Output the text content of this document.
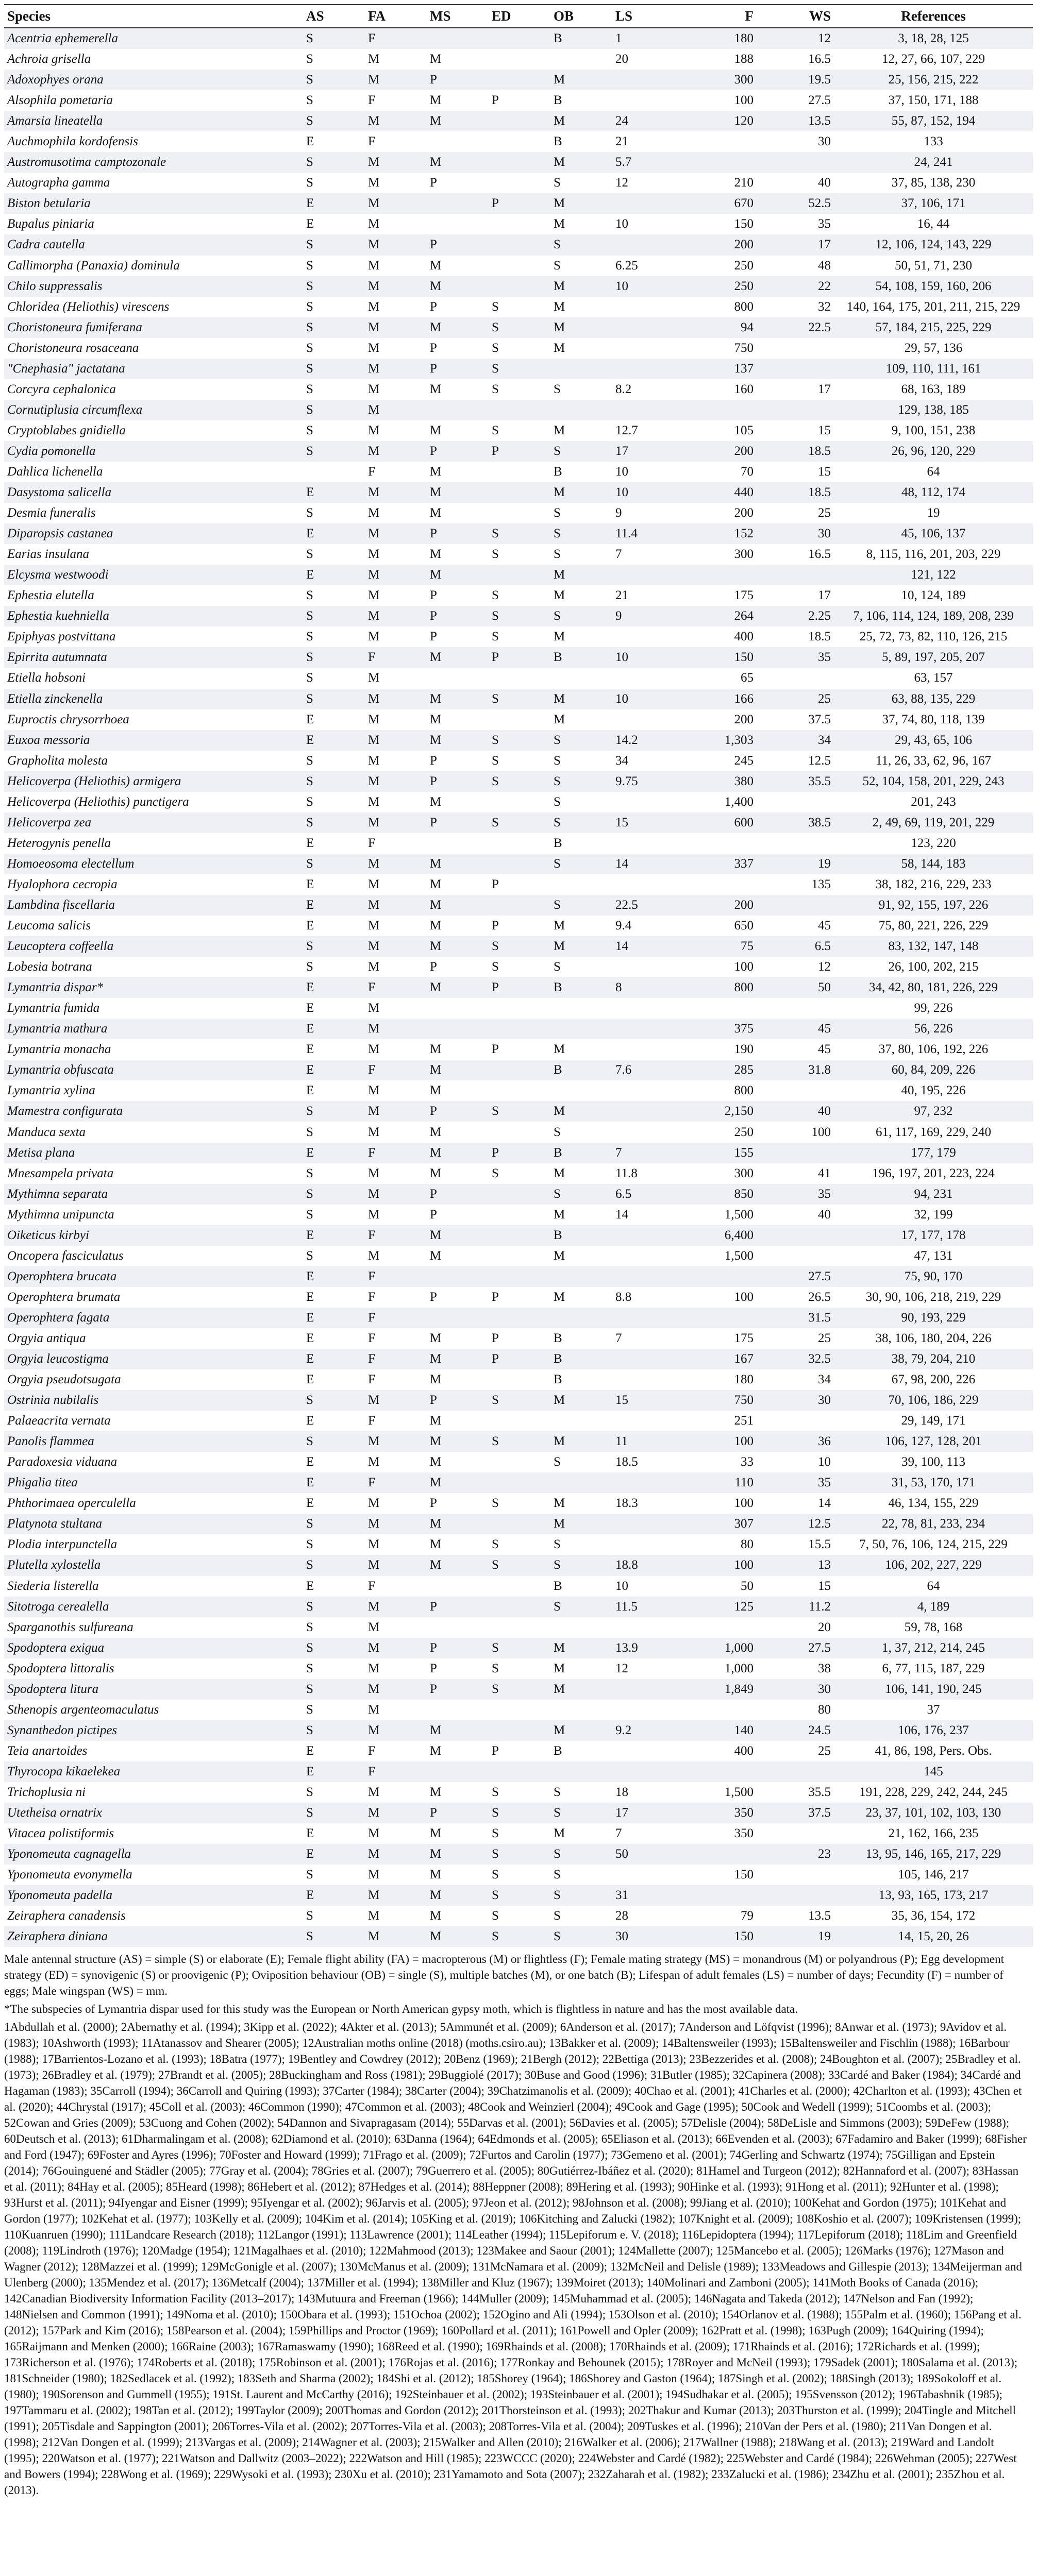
Species	AS	FA	MS	ED	OB	LS	F	WS	References
Acentria ephemerella	S	F			B	1	180	12	3, 18, 28, 125
Achroia grisella	S	M	M			20	188	16.5	12, 27, 66, 107, 229
Adoxophyes orana	S	M	P		M		300	19.5	25, 156, 215, 222
Alsophila pometaria	S	F	M	P	B		100	27.5	37, 150, 171, 188
Amarsia lineatella	S	M	M		M	24	120	13.5	55, 87, 152, 194
Auchmophila kordofensis	E	F			B	21		30	133
Austromusotima camptozonale	S	M	M		M	5.7			24, 241
Autographa gamma	S	M	P		S	12	210	40	37, 85, 138, 230
Biston betularia	E	M		P	M		670	52.5	37, 106, 171
Bupalus piniaria	E	M			M	10	150	35	16, 44
Cadra cautella	S	M	P		S		200	17	12, 106, 124, 143, 229
Callimorpha (Panaxia) dominula	S	M	M		S	6.25	250	48	50, 51, 71, 230
Chilo suppressalis	S	M	M		M	10	250	22	54, 108, 159, 160, 206
Chloridea (Heliothis) virescens	S	M	P	S	M		800	32	140, 164, 175, 201, 211, 215, 229
Choristoneura fumiferana	S	M	M	S	M		94	22.5	57, 184, 215, 225, 229
Choristoneura rosaceana	S	M	P	S	M		750		29, 57, 136
"Cnephasia" jactatana	S	M	P	S			137		109, 110, 111, 161
Corcyra cephalonica	S	M	M	S	S	8.2	160	17	68, 163, 189
Cornutiplusia circumflexa	S	M							129, 138, 185
Cryptoblabes gnidiella	S	M	M	S	M	12.7	105	15	9, 100, 151, 238
Cydia pomonella	S	M	P	P	S	17	200	18.5	26, 96, 120, 229
Dahlica lichenella		F	M		B	10	70	15	64
Dasystoma salicella	E	M	M		M	10	440	18.5	48, 112, 174
Desmia funeralis	S	M	M		S	9	200	25	19
Diparopsis castanea	E	M	P	S	S	11.4	152	30	45, 106, 137
Earias insulana	S	M	M	S	S	7	300	16.5	8, 115, 116, 201, 203, 229
Elcysma westwoodi	E	M	M		M				121, 122
Ephestia elutella	S	M	P	S	M	21	175	17	10, 124, 189
Ephestia kuehniella	S	M	P	S	S	9	264	2.25	7, 106, 114, 124, 189, 208, 239
Epiphyas postvittana	S	M	P	S	M		400	18.5	25, 72, 73, 82, 110, 126, 215
Epirrita autumnata	S	F	M	P	B	10	150	35	5, 89, 197, 205, 207
Etiella hobsoni	S	M					65		63, 157
Etiella zinckenella	S	M	M	S	M	10	166	25	63, 88, 135, 229
Euproctis chrysorrhoea	E	M	M		M		200	37.5	37, 74, 80, 118, 139
Euxoa messoria	E	M	M	S	S	14.2	1,303	34	29, 43, 65, 106
Grapholita molesta	S	M	P	S	S	34	245	12.5	11, 26, 33, 62, 96, 167
Helicoverpa (Heliothis) armigera	S	M	P	S	S	9.75	380	35.5	52, 104, 158, 201, 229, 243
Helicoverpa (Heliothis) punctigera	S	M	M		S		1,400		201, 243
Helicoverpa zea	S	M	P	S	S	15	600	38.5	2, 49, 69, 119, 201, 229
Heterogynis penella	E	F			B				123, 220
Homoeosoma electellum	S	M	M		S	14	337	19	58, 144, 183
Hyalophora cecropia	E	M	M	P				135	38, 182, 216, 229, 233
Lambdina fiscellaria	E	M	M		S	22.5	200		91, 92, 155, 197, 226
Leucoma salicis	E	M	M	P	M	9.4	650	45	75, 80, 221, 226, 229
Leucoptera coffeella	S	M	M	S	M	14	75	6.5	83, 132, 147, 148
Lobesia botrana	S	M	P	S	S		100	12	26, 100, 202, 215
Lymantria dispar*	E	F	M	P	B	8	800	50	34, 42, 80, 181, 226, 229
Lymantria fumida	E	M							99, 226
Lymantria mathura	E	M					375	45	56, 226
Lymantria monacha	E	M	M	P	M		190	45	37, 80, 106, 192, 226
Lymantria obfuscata	E	F	M		B	7.6	285	31.8	60, 84, 209, 226
Lymantria xylina	E	M	M				800		40, 195, 226
Mamestra configurata	S	M	P	S	M		2,150	40	97, 232
Manduca sexta	S	M	M		S		250	100	61, 117, 169, 229, 240
Metisa plana	E	F	M	P	B	7	155		177, 179
Mnesampela privata	S	M	M	S	M	11.8	300	41	196, 197, 201, 223, 224
Mythimna separata	S	M	P		S	6.5	850	35	94, 231
Mythimna unipuncta	S	M	P		M	14	1,500	40	32, 199
Oiketicus kirbyi	E	F	M		B		6,400		17, 177, 178
Oncopera fasciculatus	S	M	M		M		1,500		47, 131
Operophtera brucata	E	F						27.5	75, 90, 170
Operophtera brumata	E	F	P	P	M	8.8	100	26.5	30, 90, 106, 218, 219, 229
Operophtera fagata	E	F						31.5	90, 193, 229
Orgyia antiqua	E	F	M	P	B	7	175	25	38, 106, 180, 204, 226
Orgyia leucostigma	E	F	M	P	B		167	32.5	38, 79, 204, 210
Orgyia pseudotsugata	E	F	M		B		180	34	67, 98, 200, 226
Ostrinia nubilalis	S	M	P	S	M	15	750	30	70, 106, 186, 229
Palaeacrita vernata	E	F	M				251		29, 149, 171
Panolis flammea	S	M	M	S	M	11	100	36	106, 127, 128, 201
Paradoxesia viduana	E	M	M		S	18.5	33	10	39, 100, 113
Phigalia titea	E	F	M				110	35	31, 53, 170, 171
Phthorimaea operculella	E	M	P	S	M	18.3	100	14	46, 134, 155, 229
Platynota stultana	S	M	M		M		307	12.5	22, 78, 81, 233, 234
Plodia interpunctella	S	M	M	S	S		80	15.5	7, 50, 76, 106, 124, 215, 229
Plutella xylostella	S	M	M	S	S	18.8	100	13	106, 202, 227, 229
Siederia listerella	E	F			B	10	50	15	64
Sitotroga cerealella	S	M	P		S	11.5	125	11.2	4, 189
Sparganothis sulfureana	S	M						20	59, 78, 168
Spodoptera exigua	S	M	P	S	M	13.9	1,000	27.5	1, 37, 212, 214, 245
Spodoptera littoralis	S	M	P	S	M	12	1,000	38	6, 77, 115, 187, 229
Spodoptera litura	S	M	P	S	M		1,849	30	106, 141, 190, 245
Sthenopis argenteomaculatus	S	M						80	37
Synanthedon pictipes	S	M	M		M	9.2	140	24.5	106, 176, 237
Teia anartoides	E	F	M	P	B		400	25	41, 86, 198, Pers. Obs.
Thyrocopa kikaelekea	E	F							145
Trichoplusia ni	S	M	M	S	S	18	1,500	35.5	191, 228, 229, 242, 244, 245
Utetheisa ornatrix	S	M	P	S	S	17	350	37.5	23, 37, 101, 102, 103, 130
Vitacea polistiformis	E	M	M	S	M	7	350		21, 162, 166, 235
Yponomeuta cagnagella	E	M	M	S	S	50		23	13, 95, 146, 165, 217, 229
Yponomeuta evonymella	S	M	M	S	S		150		105, 146, 217
Yponomeuta padella	E	M	M	S	S	31			13, 93, 165, 173, 217
Zeiraphera canadensis	S	M	M	S	S	28	79	13.5	35, 36, 154, 172
Zeiraphera diniana	S	M	M	S	S	30	150	19	14, 15, 20, 26

Male antennal structure (AS) = simple (S) or elaborate (E); Female flight ability (FA) = macropterous (M) or flightless (F); Female mating strategy (MS) = monandrous (M) or polyandrous (P); Egg development strategy (ED) = synovigenic (S) or proovigenic (P); Oviposition behaviour (OB) = single (S), multiple batches (M), or one batch (B); Lifespan of adult females (LS) = number of days; Fecundity (F) = number of eggs; Male wingspan (WS) = mm.

*The subspecies of Lymantria dispar used for this study was the European or North American gypsy moth, which is flightless in nature and has the most available data.

1Abdullah et al. (2000); 2Abernathy et al. (1994); 3Kipp et al. (2022); 4Akter et al. (2013); 5Ammunét et al. (2009); 6Anderson et al. (2017); 7Anderson and Löfqvist (1996); 8Anwar et al. (1973); 9Avidov et al. (1983); 10Ashworth (1993); 11Atanassov and Shearer (2005); 12Australian moths online (2018) (moths.csiro.au); 13Bakker et al. (2009); 14Baltensweiler (1993); 15Baltensweiler and Fischlin (1988); 16Barbour (1988); 17Barrientos-Lozano et al. (1993); 18Batra (1977); 19Bentley and Cowdrey (2012); 20Benz (1969); 21Bergh (2012); 22Bettiga (2013); 23Bezzerides et al. (2008); 24Boughton et al. (2007); 25Bradley et al. (1973); 26Bradley et al. (1979); 27Brandt et al. (2005); 28Buckingham and Ross (1981); 29Buggiolé (2017); 30Buse and Good (1996); 31Butler (1985); 32Capinera (2008); 33Cardé and Baker (1984); 34Cardé and Hagaman (1983); 35Carroll (1994); 36Carroll and Quiring (1993); 37Carter (1984); 38Carter (2004); 39Chatzimanolis et al. (2009); 40Chao et al. (2001); 41Charles et al. (2000); 42Charlton et al. (1993); 43Chen et al. (2020); 44Chrystal (1917); 45Coll et al. (2003); 46Common (1990); 47Common et al. (2003); 48Cook and Weinzierl (2004); 49Cook and Gage (1995); 50Cook and Wedell (1999); 51Coombs et al. (2003); 52Cowan and Gries (2009); 53Cuong and Cohen (2002); 54Dannon and Sivapragasam (2014); 55Darvas et al. (2001); 56Davies et al. (2005); 57Delisle (2004); 58DeLisle and Simmons (2003); 59DeFew (1988); 60Deutsch et al. (2013); 61Dharmalingam et al. (2008); 62Diamond et al. (2010); 63Danna (1964); 64Edmonds et al. (2005); 65Eliason et al. (2013); 66Evenden et al. (2003); 67Fadamiro and Baker (1999); 68Fisher and Ford (1947); 69Foster and Ayres (1996); 70Foster and Howard (1999); 71Frago et al. (2009); 72Furtos and Carolin (1977); 73Gemeno et al. (2001); 74Gerling and Schwartz (1974); 75Gilligan and Epstein (2014); 76Gouinguené and Städler (2005); 77Gray et al. (2004); 78Gries et al. (2007); 79Guerrero et al. (2005); 80Gutiérrez-Ibáñez et al. (2020); 81Hamel and Turgeon (2012); 82Hannaford et al. (2007); 83Hassan et al. (2011); 84Hay et al. (2005); 85Heard (1998); 86Hebert et al. (2012); 87Hedges et al. (2014); 88Heppner (2008); 89Hering et al. (1993); 90Hinke et al. (1993); 91Hong et al. (2011); 92Hunter et al. (1998); 93Hurst et al. (2011); 94Iyengar and Eisner (1999); 95Iyengar et al. (2002); 96Jarvis et al. (2005); 97Jeon et al. (2012); 98Johnson et al. (2008); 99Jiang et al. (2010); 100Kehat and Gordon (1975); 101Kehat and Gordon (1977); 102Kehat et al. (1977); 103Kelly et al. (2009); 104Kim et al. (2014); 105King et al. (2019); 106Kitching and Zalucki (1982); 107Knight et al. (2009); 108Koshio et al. (2007); 109Kristensen (1999); 110Kuanruen (1990); 111Landcare Research (2018); 112Langor (1991); 113Lawrence (2001); 114Leather (1994); 115Lepiforum e. V. (2018); 116Lepidoptera (1994); 117Lepiforum (2018); 118Lim and Greenfield (2008); 119Lindroth (1976); 120Madge (1954); 121Magalhaes et al. (2010); 122Mahmood (2013); 123Makee and Saour (2001); 124Mallette (2007); 125Mancebo et al. (2005); 126Marks (1976); 127Mason and Wagner (2012); 128Mazzei et al. (1999); 129McGonigle et al. (2007); 130McManus et al. (2009); 131McNamara et al. (2009); 132McNeil and Delisle (1989); 133Meadows and Gillespie (2013); 134Meijerman and Ulenberg (2000); 135Mendez et al. (2017); 136Metcalf (2004); 137Miller et al. (1994); 138Miller and Kluz (1967); 139Moiret (2013); 140Molinari and Zamboni (2005); 141Moth Books of Canada (2016); 142Canadian Biodiversity Information Facility (2013–2017); 143Mutuura and Freeman (1966); 144Muller (2009); 145Muhammad et al. (2005); 146Nagata and Takeda (2012); 147Nelson and Fan (1992); 148Nielsen and Common (1991); 149Noma et al. (2010); 150Obara et al. (1993); 151Ochoa (2002); 152Ogino and Ali (1994); 153Olson et al. (2010); 154Orlanov et al. (1988); 155Palm et al. (1960); 156Pang et al. (2012); 157Park and Kim (2016); 158Pearson et al. (2004); 159Phillips and Proctor (1969); 160Pollard et al. (2011); 161Powell and Opler (2009); 162Pratt et al. (1998); 163Pugh (2009); 164Quiring (1994); 165Raijmann and Menken (2000); 166Raine (2003); 167Ramaswamy (1990); 168Reed et al. (1990); 169Rhainds et al. (2008); 170Rhainds et al. (2009); 171Rhainds et al. (2016); 172Richards et al. (1999); 173Richerson et al. (1976); 174Roberts et al. (2018); 175Robinson et al. (2001); 176Rojas et al. (2016); 177Ronkay and Behounek (2015); 178Royer and McNeil (1993); 179Sadek (2001); 180Salama et al. (2013); 181Schneider (1980); 182Sedlacek et al. (1992); 183Seth and Sharma (2002); 184Shi et al. (2012); 185Shorey (1964); 186Shorey and Gaston (1964); 187Singh et al. (2002); 188Singh (2013); 189Sokoloff et al. (1980); 190Sorenson and Gummell (1955); 191St. Laurent and McCarthy (2016); 192Steinbauer et al. (2002); 193Steinbauer et al. (2001); 194Sudhakar et al. (2005); 195Svensson (2012); 196Tabashnik (1985); 197Tammaru et al. (2002); 198Tan et al. (2012); 199Taylor (2009); 200Thomas and Gordon (2012); 201Thorsteinson et al. (1993); 202Thakur and Kumar (2013); 203Thurston et al. (1999); 204Tingle and Mitchell (1991); 205Tisdale and Sappington (2001); 206Torres-Vila et al. (2002); 207Torres-Vila et al. (2003); 208Torres-Vila et al. (2004); 209Tuskes et al. (1996); 210Van der Pers et al. (1980); 211Van Dongen et al. (1998); 212Van Dongen et al. (1999); 213Vargas et al. (2009); 214Wagner et al. (2003); 215Walker and Allen (2010); 216Walker et al. (2006); 217Wallner (1988); 218Wang et al. (2013); 219Ward and Landolt (1995); 220Watson et al. (1977); 221Watson and Dallwitz (2003–2022); 222Watson and Hill (1985); 223WCCC (2020); 224Webster and Cardé (1982); 225Webster and Cardé (1984); 226Wehman (2005); 227West and Bowers (1994); 228Wong et al. (1969); 229Wysoki et al. (1993); 230Xu et al. (2010); 231Yamamoto and Sota (2007); 232Zaharah et al. (1982); 233Zalucki et al. (1986); 234Zhu et al. (2001); 235Zhou et al. (2013).
